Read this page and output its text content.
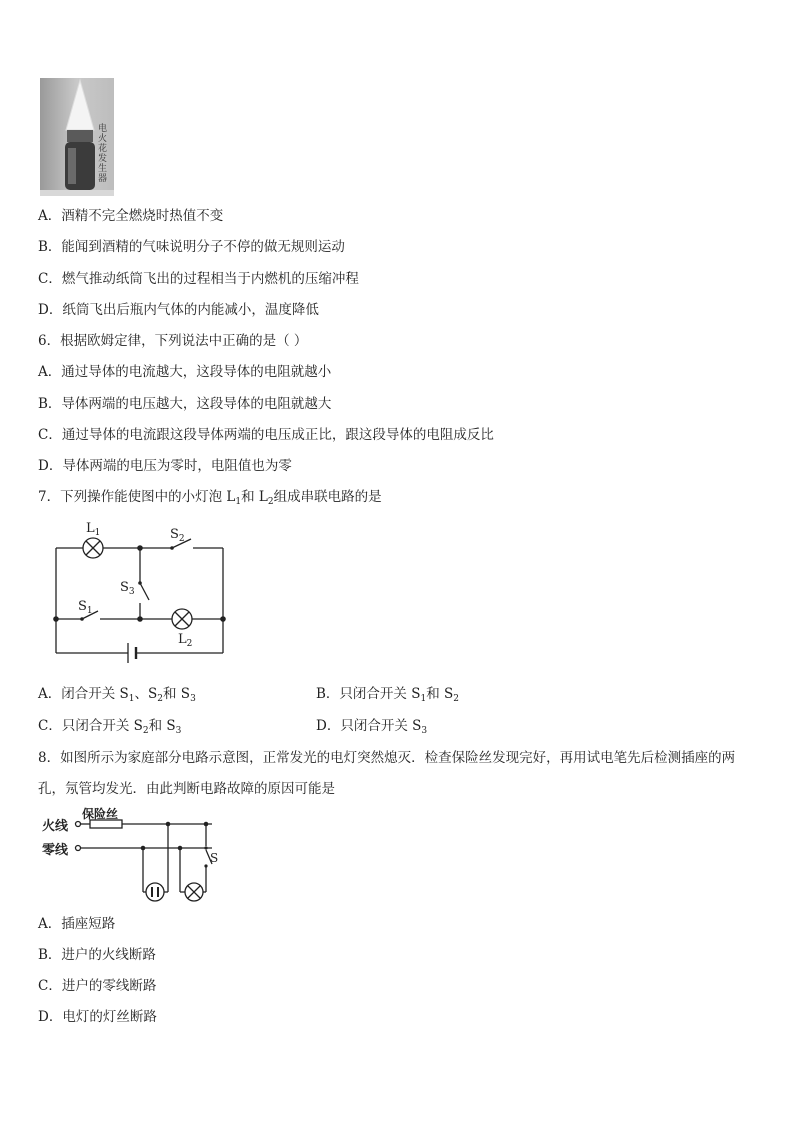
电火花发生器
A．酒精不完全燃烧时热值不变
B．能闻到酒精的气味说明分子不停的做无规则运动
C．燃气推动纸筒飞出的过程相当于内燃机的压缩冲程
D．纸筒飞出后瓶内气体的内能减小，温度降低
6．根据欧姆定律，下列说法中正确的是（ ）
A．通过导体的电流越大，这段导体的电阻就越小
B．导体两端的电压越大，这段导体的电阻就越大
C．通过导体的电流跟这段导体两端的电压成正比，跟这段导体的电阻成反比
D．导体两端的电压为零时，电阻值也为零
7．下列操作能使图中的小灯泡 $L_1$和 $L_2$组成串联电路的是
$L_1$	$S_2$
$S_3$
$S_1$
$L_2$
A．闭合开关 $S_1$、$S_2$和 $S_3$	B．只闭合开关 $S_1$和 $S_2$
C．只闭合开关 $S_2$和 $S_3$	D．只闭合开关 $S_3$
8．如图所示为家庭部分电路示意图，正常发光的电灯突然熄灭．检查保险丝发现完好，再用试电笔先后检测插座的两
孔，氖管均发光．由此判断电路故障的原因可能是
火线
零线
保险丝
S
A．插座短路
B．进户的火线断路
C．进户的零线断路
D．电灯的灯丝断路
